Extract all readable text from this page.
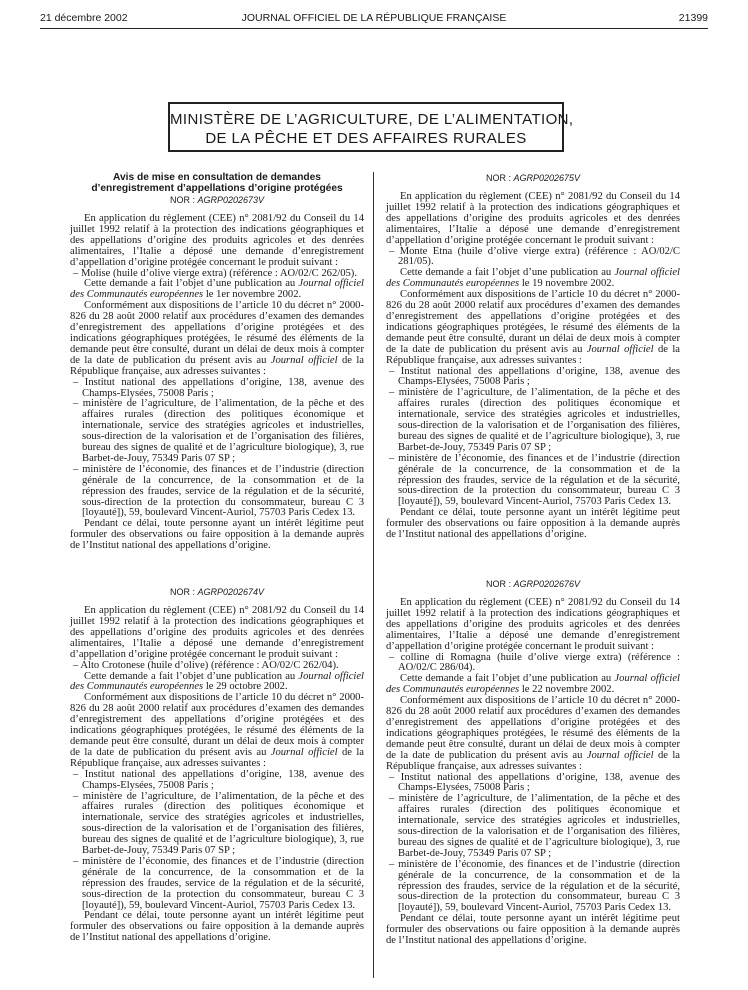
21 décembre 2002	JOURNAL OFFICIEL DE LA RÉPUBLIQUE FRANÇAISE	21399
MINISTÈRE DE L’AGRICULTURE, DE L’ALIMENTATION,
DE LA PÊCHE ET DES AFFAIRES RURALES
Avis de mise en consultation de demandes
d’enregistrement d’appellations d’origine protégées
NOR : AGRP0202673V

En application du règlement (CEE) n° 2081/92 du Conseil du 14 juillet 1992 relatif à la protection des indications géographiques et des appellations d’origine des produits agricoles et des denrées alimentaires, l’Italie a déposé une demande d’enregistrement d’appellation d’origine protégée concernant le produit suivant :

– Molise (huile d’olive vierge extra) (référence : AO/02/C 262/05).

Cette demande a fait l’objet d’une publication au Journal officiel des Communautés européennes le 1er novembre 2002.

Conformément aux dispositions de l’article 10 du décret n° 2000-826 du 28 août 2000 relatif aux procédures d’examen des demandes d’enregistrement des appellations d’origine protégées et des indications géographiques protégées, le résumé des éléments de la demande peut être consulté, durant un délai de deux mois à compter de la date de publication du présent avis au Journal officiel de la République française, aux adresses suivantes :

– Institut national des appellations d’origine, 138, avenue des Champs-Elysées, 75008 Paris ;
– ministère de l’agriculture, de l’alimentation, de la pêche et des affaires rurales (direction des politiques économique et internationale, service des stratégies agricoles et industrielles, sous-direction de la valorisation et de l’organisation des filières, bureau des signes de qualité et de l’agriculture biologique), 3, rue Barbet-de-Jouy, 75349 Paris 07 SP ;
– ministère de l’économie, des finances et de l’industrie (direction générale de la concurrence, de la consommation et de la répression des fraudes, service de la régulation et de la sécurité, sous-direction de la protection du consommateur, bureau C 3 [loyauté]), 59, boulevard Vincent-Auriol, 75703 Paris Cedex 13.

Pendant ce délai, toute personne ayant un intérêt légitime peut formuler des observations ou faire opposition à la demande auprès de l’Institut national des appellations d’origine.

NOR : AGRP0202674V

En application du règlement (CEE) n° 2081/92 du Conseil du 14 juillet 1992 relatif à la protection des indications géographiques et des appellations d’origine des produits agricoles et des denrées alimentaires, l’Italie a déposé une demande d’enregistrement d’appellation d’origine protégée concernant le produit suivant :

– Alto Crotonese (huile d’olive) (référence : AO/02/C 262/04).

Cette demande a fait l’objet d’une publication au Journal officiel des Communautés européennes le 29 octobre 2002.

Conformément aux dispositions de l’article 10 du décret n° 2000-826 du 28 août 2000 relatif aux procédures d’examen des demandes d’enregistrement des appellations d’origine protégées et des indications géographiques protégées, le résumé des éléments de la demande peut être consulté, durant un délai de deux mois à compter de la date de publication du présent avis au Journal officiel de la République française, aux adresses suivantes :

– Institut national des appellations d’origine, 138, avenue des Champs-Elysées, 75008 Paris ;
– ministère de l’agriculture, de l’alimentation, de la pêche et des affaires rurales (direction des politiques économique et internationale, service des stratégies agricoles et industrielles, sous-direction de la valorisation et de l’organisation des filières, bureau des signes de qualité et de l’agriculture biologique), 3, rue Barbet-de-Jouy, 75349 Paris 07 SP ;
– ministère de l’économie, des finances et de l’industrie (direction générale de la concurrence, de la consommation et de la répression des fraudes, service de la régulation et de la sécurité, sous-direction de la protection du consommateur, bureau C 3 [loyauté]), 59, boulevard Vincent-Auriol, 75703 Paris Cedex 13.

Pendant ce délai, toute personne ayant un intérêt légitime peut formuler des observations ou faire opposition à la demande auprès de l’Institut national des appellations d’origine.

NOR : AGRP0202675V

En application du règlement (CEE) n° 2081/92 du Conseil du 14 juillet 1992 relatif à la protection des indications géographiques et des appellations d’origine des produits agricoles et des denrées alimentaires, l’Italie a déposé une demande d’enregistrement d’appellation d’origine protégée concernant le produit suivant :

– Monte Etna (huile d’olive vierge extra) (référence : AO/02/C 281/05).

Cette demande a fait l’objet d’une publication au Journal officiel des Communautés européennes le 19 novembre 2002.

Conformément aux dispositions de l’article 10 du décret n° 2000-826 du 28 août 2000 relatif aux procédures d’examen des demandes d’enregistrement des appellations d’origine protégées et des indications géographiques protégées, le résumé des éléments de la demande peut être consulté, durant un délai de deux mois à compter de la date de publication du présent avis au Journal officiel de la République française, aux adresses suivantes :

– Institut national des appellations d’origine, 138, avenue des Champs-Elysées, 75008 Paris ;
– ministère de l’agriculture, de l’alimentation, de la pêche et des affaires rurales (direction des politiques économique et internationale, service des stratégies agricoles et industrielles, sous-direction de la valorisation et de l’organisation des filières, bureau des signes de qualité et de l’agriculture biologique), 3, rue Barbet-de-Jouy, 75349 Paris 07 SP ;
– ministère de l’économie, des finances et de l’industrie (direction générale de la concurrence, de la consommation et de la répression des fraudes, service de la régulation et de la sécurité, sous-direction de la protection du consommateur, bureau C 3 [loyauté]), 59, boulevard Vincent-Auriol, 75703 Paris Cedex 13.

Pendant ce délai, toute personne ayant un intérêt légitime peut formuler des observations ou faire opposition à la demande auprès de l’Institut national des appellations d’origine.

NOR : AGRP0202676V

En application du règlement (CEE) n° 2081/92 du Conseil du 14 juillet 1992 relatif à la protection des indications géographiques et des appellations d’origine des produits agricoles et des denrées alimentaires, l’Italie a déposé une demande d’enregistrement d’appellation d’origine protégée concernant le produit suivant :

– colline di Romagna (huile d’olive vierge extra) (référence : AO/02/C 286/04).

Cette demande a fait l’objet d’une publication au Journal officiel des Communautés européennes le 22 novembre 2002.

Conformément aux dispositions de l’article 10 du décret n° 2000-826 du 28 août 2000 relatif aux procédures d’examen des demandes d’enregistrement des appellations d’origine protégées et des indications géographiques protégées, le résumé des éléments de la demande peut être consulté, durant un délai de deux mois à compter de la date de publication du présent avis au Journal officiel de la République française, aux adresses suivantes :

– Institut national des appellations d’origine, 138, avenue des Champs-Elysées, 75008 Paris ;
– ministère de l’agriculture, de l’alimentation, de la pêche et des affaires rurales (direction des politiques économique et internationale, service des stratégies agricoles et industrielles, sous-direction de la valorisation et de l’organisation des filières, bureau des signes de qualité et de l’agriculture biologique), 3, rue Barbet-de-Jouy, 75349 Paris 07 SP ;
– ministère de l’économie, des finances et de l’industrie (direction générale de la concurrence, de la consommation et de la répression des fraudes, service de la régulation et de la sécurité, sous-direction de la protection du consommateur, bureau C 3 [loyauté]), 59, boulevard Vincent-Auriol, 75703 Paris Cedex 13.

Pendant ce délai, toute personne ayant un intérêt légitime peut formuler des observations ou faire opposition à la demande auprès de l’Institut national des appellations d’origine.
